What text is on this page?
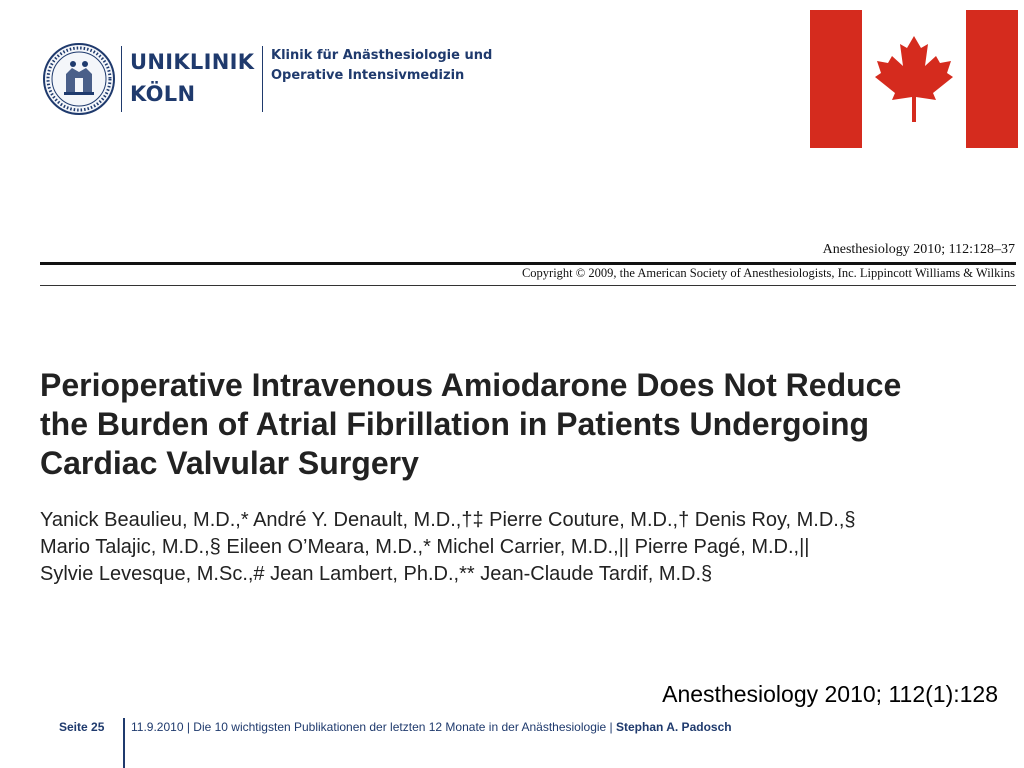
UNIKLINIK
KÖLN
Klinik für Anästhesiologie und
Operative Intensivmedizin
Anesthesiology 2010; 112:128–37
Copyright © 2009, the American Society of Anesthesiologists, Inc. Lippincott Williams & Wilkins
Perioperative Intravenous Amiodarone Does Not Reduce
the Burden of Atrial Fibrillation in Patients Undergoing
Cardiac Valvular Surgery
Yanick Beaulieu, M.D.,* André Y. Denault, M.D.,†‡ Pierre Couture, M.D.,† Denis Roy, M.D.,§
Mario Talajic, M.D.,§ Eileen O’Meara, M.D.,* Michel Carrier, M.D.,|| Pierre Pagé, M.D.,||
Sylvie Levesque, M.Sc.,# Jean Lambert, Ph.D.,** Jean-Claude Tardif, M.D.§
Anesthesiology 2010; 112(1):128
Seite 25 11.9.2010 | Die 10 wichtigsten Publikationen der letzten 12 Monate in der Anästhesiologie | Stephan A. Padosch
